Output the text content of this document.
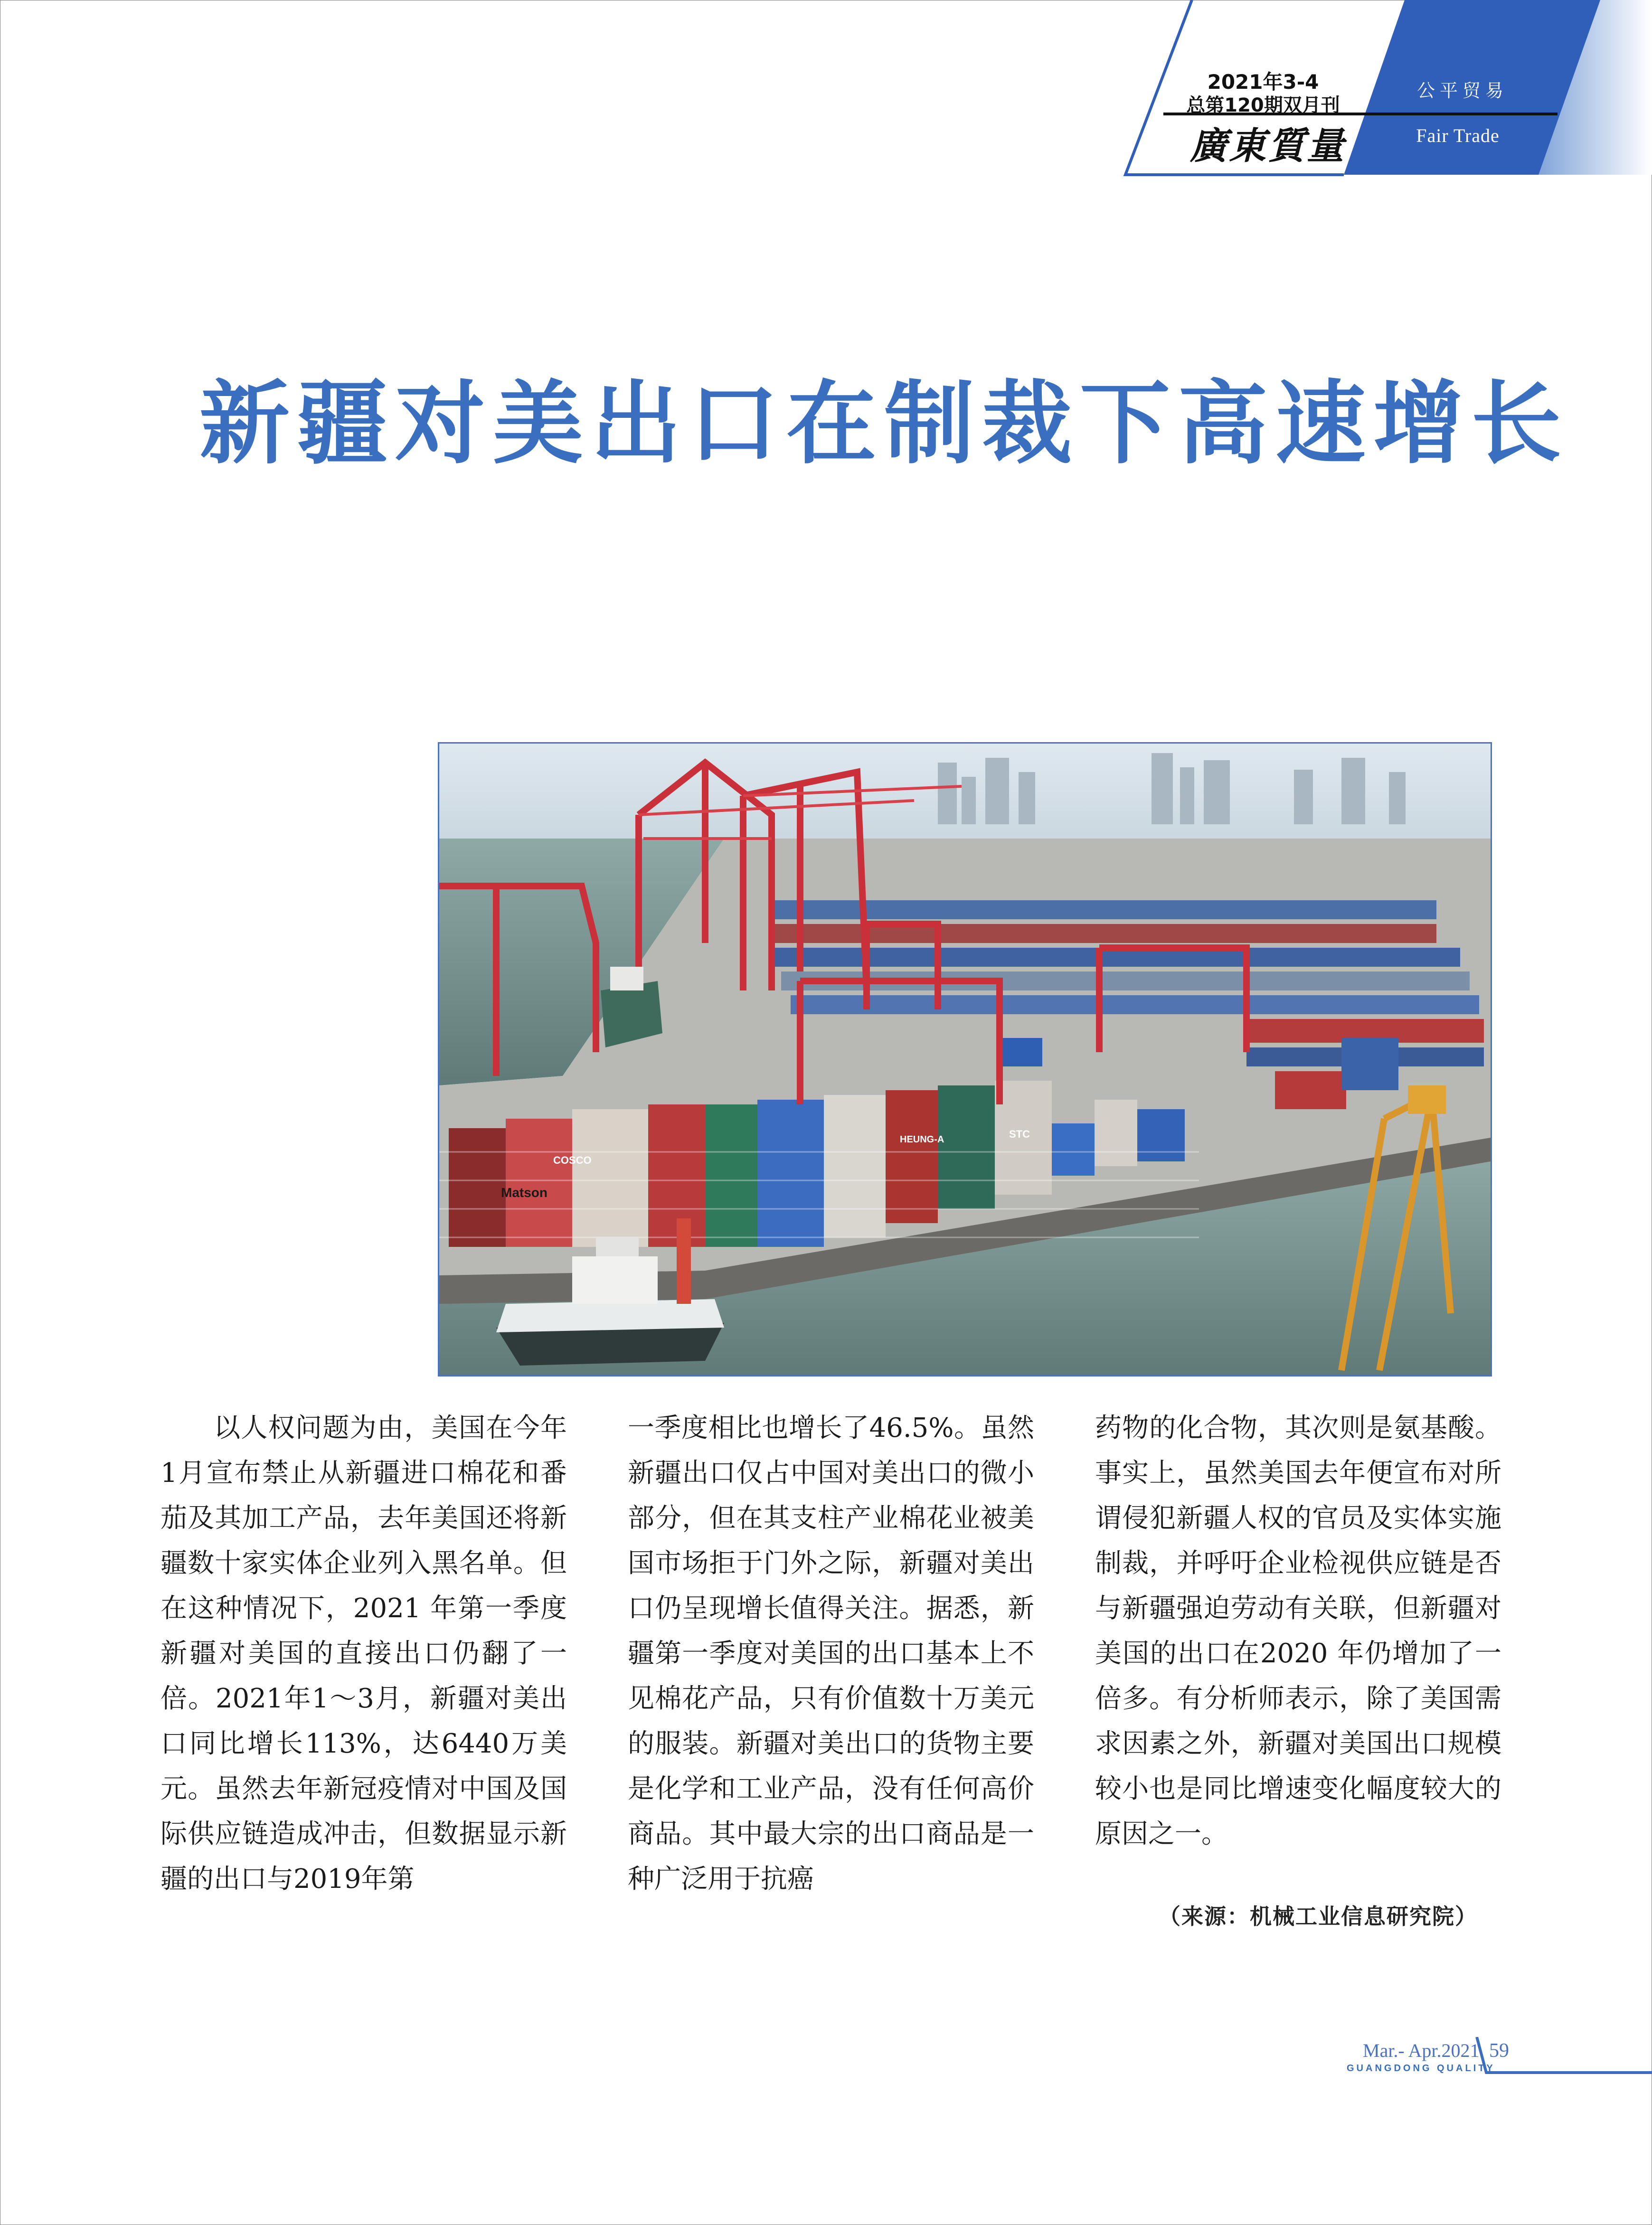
2021年3-4
总第120期双月刊
廣東質量
公平贸易
Fair Trade
新疆对美出口在制裁下高速增长
Matson
COSCO
STC
HEUNG-A

以人权问题为由，美国在今年1月宣布禁止从新疆进口棉花和番茄及其加工产品，去年美国还将新疆数十家实体企业列入黑名单。但在这种情况下，2021 年第一季度新疆对美国的直接出口仍翻了一倍。2021年1～3月，新疆对美出口同比增长113%，达6440万美元。虽然去年新冠疫情对中国及国际供应链造成冲击，但数据显示新疆的出口与2019年第

一季度相比也增长了46.5%。虽然新疆出口仅占中国对美出口的微小部分，但在其支柱产业棉花业被美国市场拒于门外之际，新疆对美出口仍呈现增长值得关注。据悉，新疆第一季度对美国的出口基本上不见棉花产品，只有价值数十万美元的服装。新疆对美出口的货物主要是化学和工业产品，没有任何高价商品。其中最大宗的出口商品是一种广泛用于抗癌

药物的化合物，其次则是氨基酸。事实上，虽然美国去年便宣布对所谓侵犯新疆人权的官员及实体实施制裁，并呼吁企业检视供应链是否与新疆强迫劳动有关联，但新疆对美国的出口在2020 年仍增加了一倍多。有分析师表示，除了美国需求因素之外，新疆对美国出口规模较小也是同比增速变化幅度较大的原因之一。

（来源：机械工业信息研究院）
Mar.- Apr.2021
GUANGDONG QUALITY
59
